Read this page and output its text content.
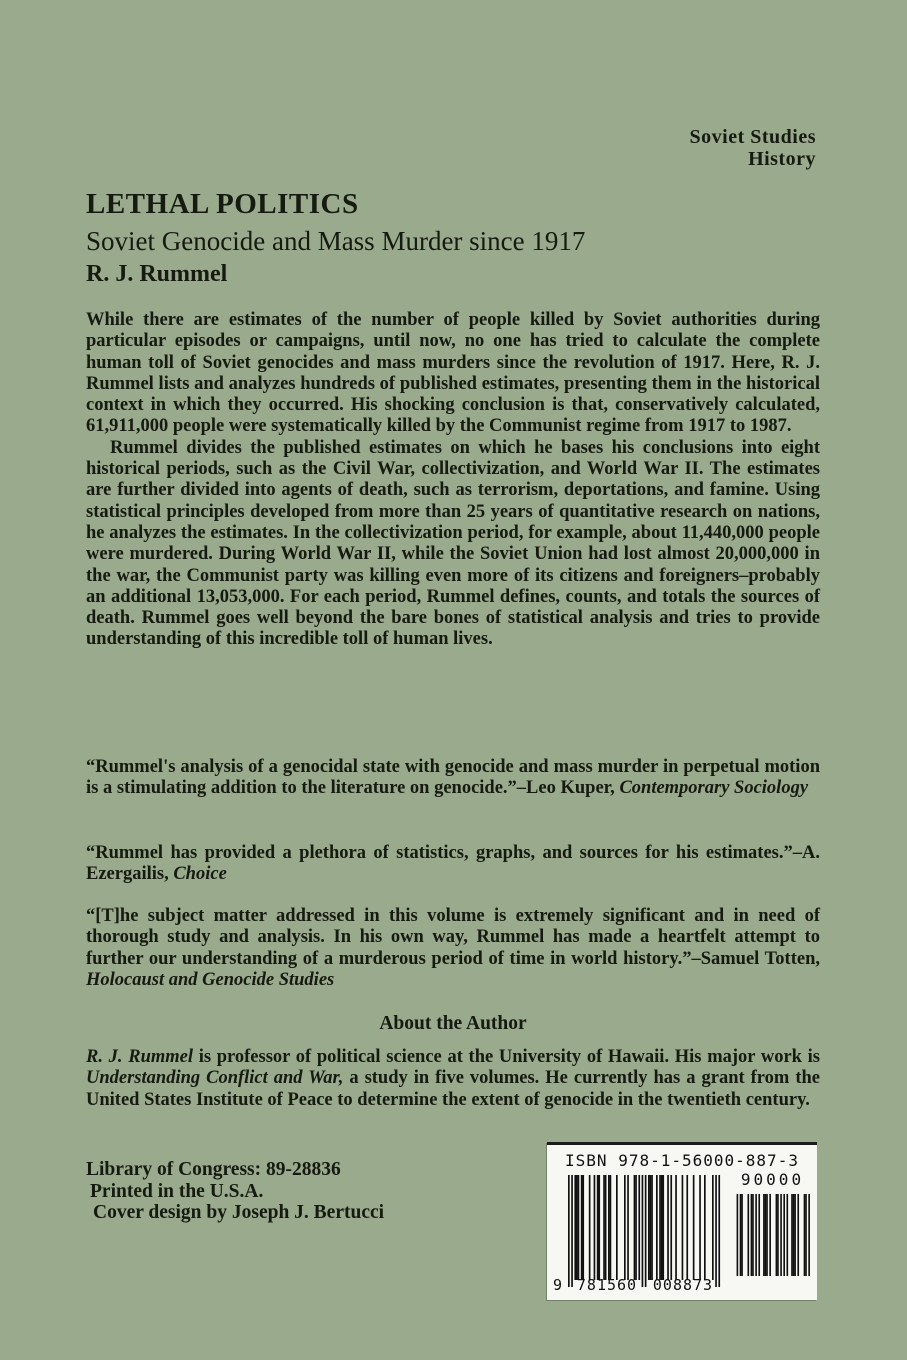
Soviet Studies
History
LETHAL POLITICS
Soviet Genocide and Mass Murder since 1917
R. J. Rummel

While there are estimates of the number of people killed by Soviet authorities during particular episodes or campaigns, until now, no one has tried to calculate the complete human toll of Soviet genocides and mass murders since the revolution of 1917. Here, R. J. Rummel lists and analyzes hundreds of published estimates, presenting them in the historical context in which they occurred. His shocking conclusion is that, conservatively calculated, 61,911,000 people were systematically killed by the Communist regime from 1917 to 1987.

Rummel divides the published estimates on which he bases his conclusions into eight historical periods, such as the Civil War, collectivization, and World War II. The estimates are further divided into agents of death, such as terrorism, deportations, and famine. Using statistical principles developed from more than 25 years of quantitative research on nations, he analyzes the estimates. In the collectivization period, for example, about 11,440,000 people were murdered. During World War II, while the Soviet Union had lost almost 20,000,000 in the war, the Communist party was killing even more of its citizens and foreigners–probably an additional 13,053,000. For each period, Rummel defines, counts, and totals the sources of death. Rummel goes well beyond the bare bones of statistical analysis and tries to provide understanding of this incredible toll of human lives.

“Rummel's analysis of a genocidal state with genocide and mass murder in perpetual motion is a stimulating addition to the literature on genocide.”–Leo Kuper, Contemporary Sociology
“Rummel has provided a plethora of statistics, graphs, and sources for his estimates.”–A. Ezergailis, Choice
“[T]he subject matter addressed in this volume is extremely significant and in need of thorough study and analysis. In his own way, Rummel has made a heartfelt attempt to further our understanding of a murderous period of time in world history.”–Samuel Totten, Holocaust and Genocide Studies
About the Author
R. J. Rummel is professor of political science at the University of Hawaii. His major work is Understanding Conflict and War, a study in five volumes. He currently has a grant from the United States Institute of Peace to determine the extent of genocide in the twentieth century.
Library of Congress: 89-28836
Printed in the U.S.A.
Cover design by Joseph J. Bertucci
ISBN 978-1-56000-887-3
90000
9 781560 008873
